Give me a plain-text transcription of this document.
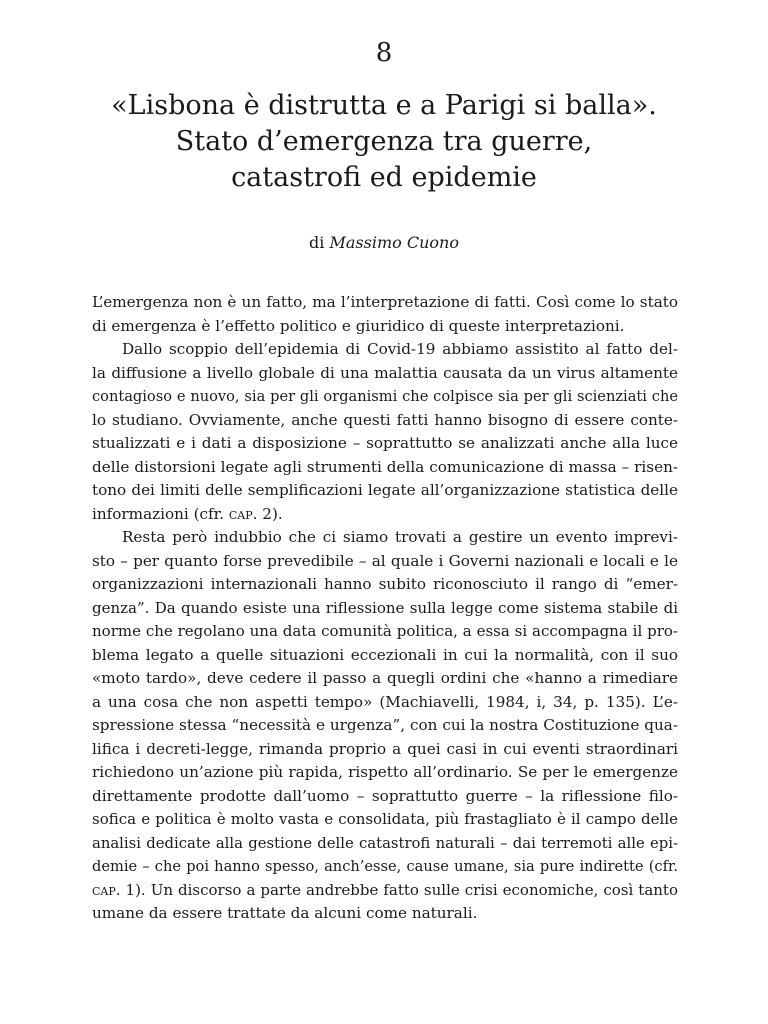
8
«Lisbona è distrutta e a Parigi si balla».
Stato d’emergenza tra guerre,
catastrofi ed epidemie
di Massimo Cuono
L’emergenza non è un fatto, ma l’interpretazione di fatti. Così come lo stato
di emergenza è l’effetto politico e giuridico di queste interpretazioni.
Dallo scoppio dell’epidemia di Covid-19 abbiamo assistito al fatto del-
la diffusione a livello globale di una malattia causata da un virus altamente
contagioso e nuovo, sia per gli organismi che colpisce sia per gli scienziati che
lo studiano. Ovviamente, anche questi fatti hanno bisogno di essere conte-
stualizzati e i dati a disposizione – soprattutto se analizzati anche alla luce
delle distorsioni legate agli strumenti della comunicazione di massa – risen-
tono dei limiti delle semplificazioni legate all’organizzazione statistica delle
informazioni (cfr. cap. 2).
Resta però indubbio che ci siamo trovati a gestire un evento imprevi-
sto – per quanto forse prevedibile – al quale i Governi nazionali e locali e le
organizzazioni internazionali hanno subito riconosciuto il rango di “emer-
genza”. Da quando esiste una riflessione sulla legge come sistema stabile di
norme che regolano una data comunità politica, a essa si accompagna il pro-
blema legato a quelle situazioni eccezionali in cui la normalità, con il suo
«moto tardo», deve cedere il passo a quegli ordini che «hanno a rimediare
a una cosa che non aspetti tempo» (Machiavelli, 1984, i, 34, p. 135). L’e-
spressione stessa “necessità e urgenza”, con cui la nostra Costituzione qua-
lifica i decreti-legge, rimanda proprio a quei casi in cui eventi straordinari
richiedono un’azione più rapida, rispetto all’ordinario. Se per le emergenze
direttamente prodotte dall’uomo – soprattutto guerre – la riflessione filo-
sofica e politica è molto vasta e consolidata, più frastagliato è il campo delle
analisi dedicate alla gestione delle catastrofi naturali – dai terremoti alle epi-
demie – che poi hanno spesso, anch’esse, cause umane, sia pure indirette (cfr.
cap. 1). Un discorso a parte andrebbe fatto sulle crisi economiche, così tanto
umane da essere trattate da alcuni come naturali.
